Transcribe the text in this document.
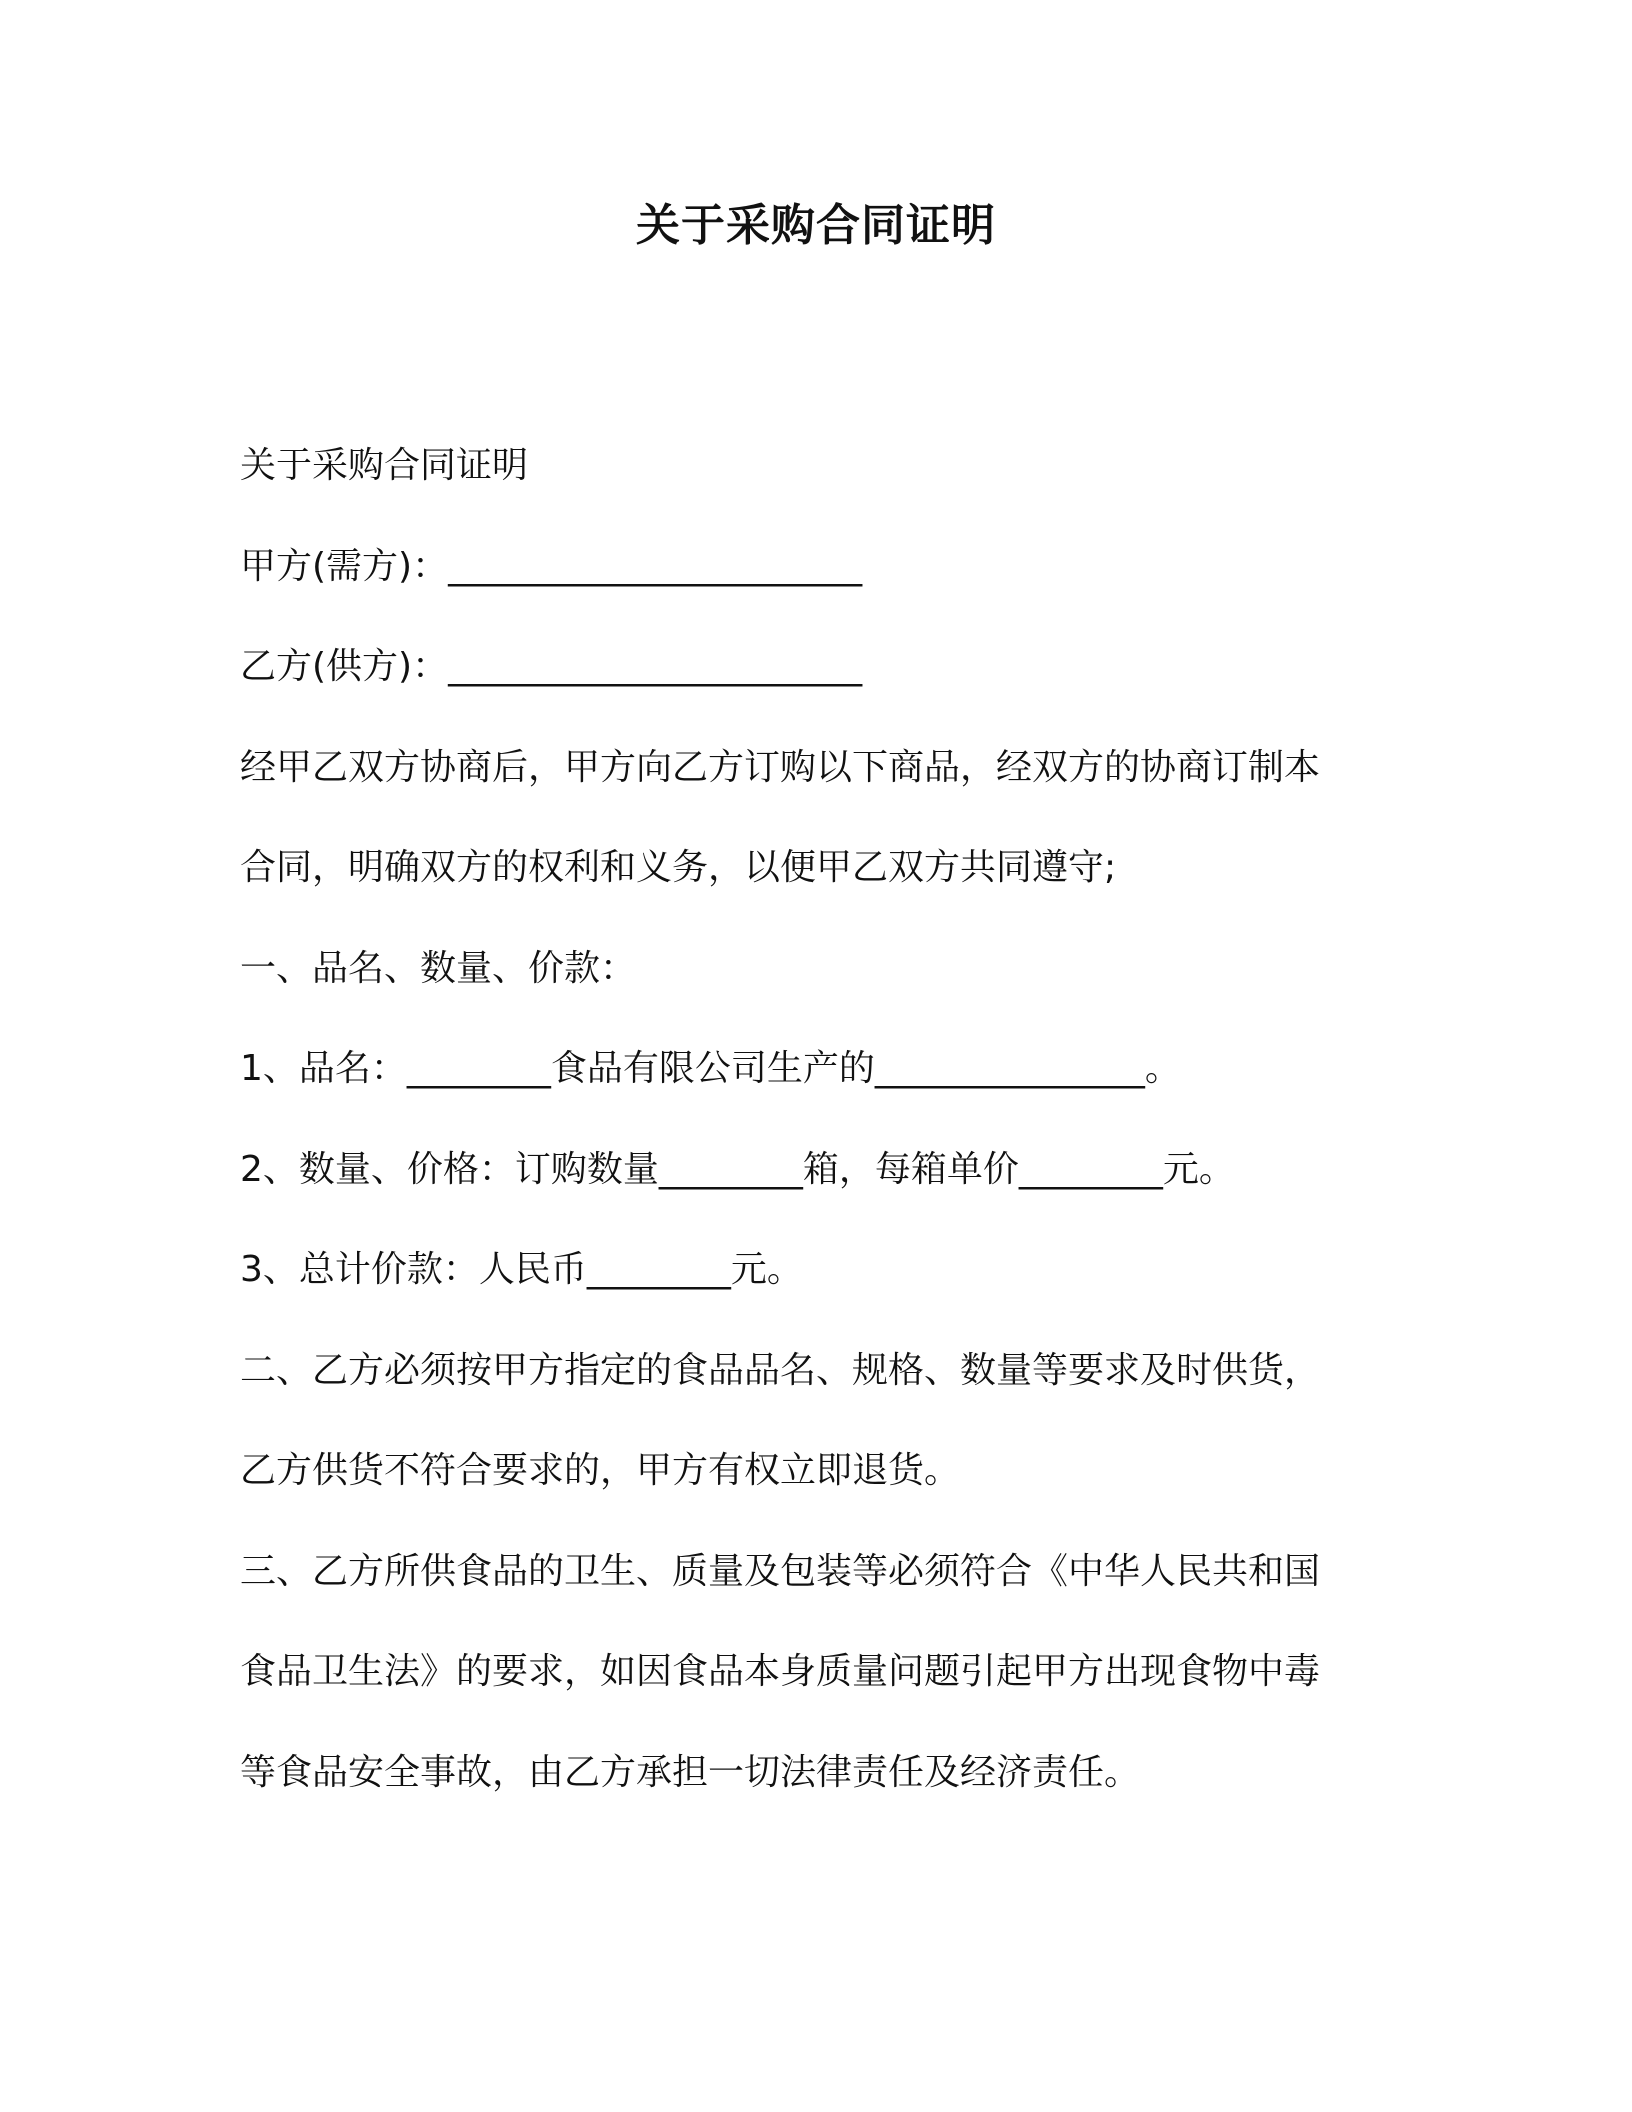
关于采购合同证明

关于采购合同证明

甲方(需方)：_______________________

乙方(供方)：_______________________

经甲乙双方协商后，甲方向乙方订购以下商品，经双方的协商订制本

合同，明确双方的权利和义务，以便甲乙双方共同遵守;

一、品名、数量、价款：

1、品名：________食品有限公司生产的_______________。

2、数量、价格：订购数量________箱，每箱单价________元。

3、总计价款：人民币________元。

二、乙方必须按甲方指定的食品品名、规格、数量等要求及时供货，

乙方供货不符合要求的，甲方有权立即退货。

三、乙方所供食品的卫生、质量及包装等必须符合《中华人民共和国

食品卫生法》的要求，如因食品本身质量问题引起甲方出现食物中毒

等食品安全事故，由乙方承担一切法律责任及经济责任。
